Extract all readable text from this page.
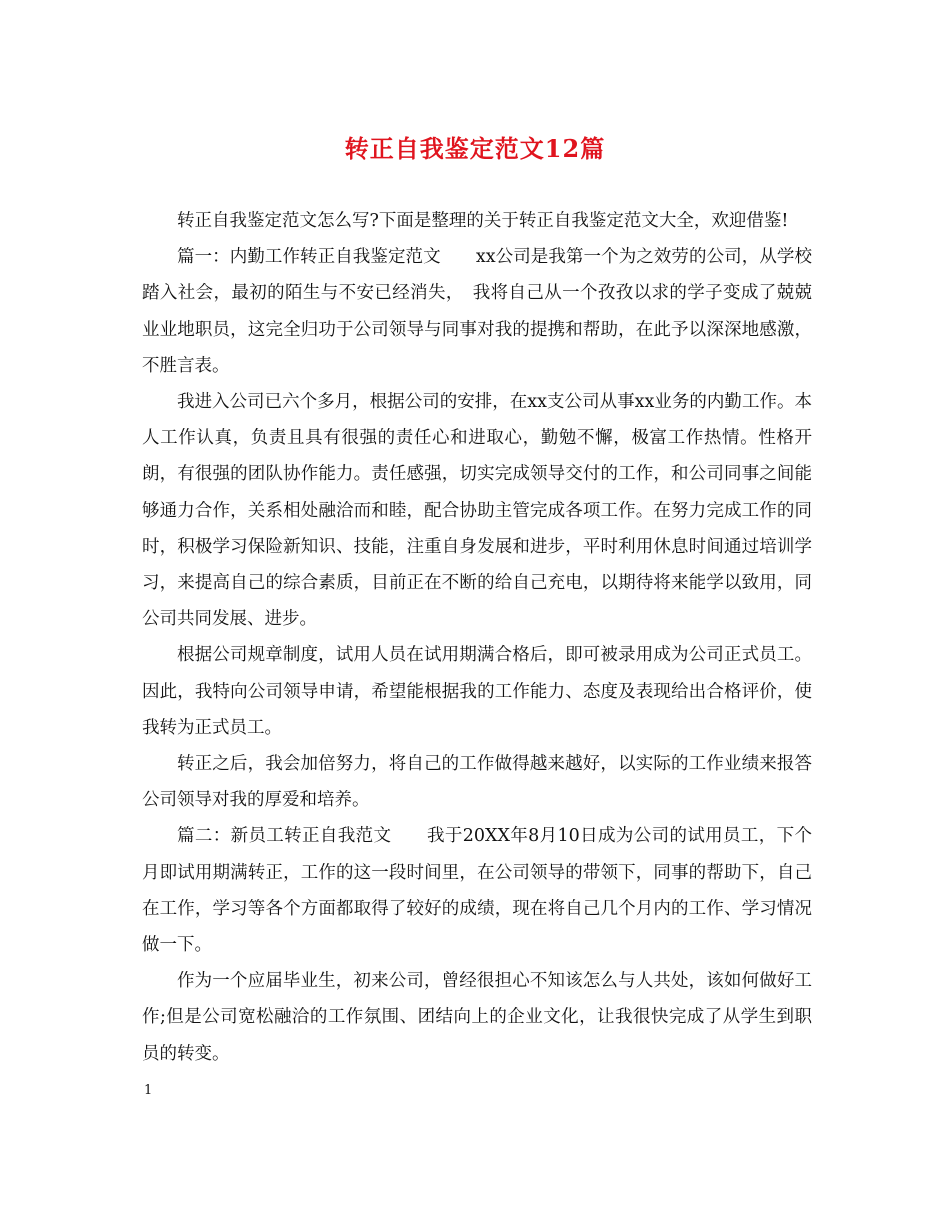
转正自我鉴定范文12篇

转正自我鉴定范文怎么写?下面是整理的关于转正自我鉴定范文大全，欢迎借鉴!

篇一：内勤工作转正自我鉴定范文　　xx公司是我第一个为之效劳的公司，从学校踏入社会，最初的陌生与不安已经消失，　我将自己从一个孜孜以求的学子变成了兢兢业业地职员，这完全归功于公司领导与同事对我的提携和帮助，在此予以深深地感激，不胜言表。

我进入公司已六个多月，根据公司的安排，在xx支公司从事xx业务的内勤工作。本人工作认真，负责且具有很强的责任心和进取心，勤勉不懈，极富工作热情。性格开朗，有很强的团队协作能力。责任感强，切实完成领导交付的工作，和公司同事之间能够通力合作，关系相处融洽而和睦，配合协助主管完成各项工作。在努力完成工作的同时，积极学习保险新知识、技能，注重自身发展和进步，平时利用休息时间通过培训学习，来提高自己的综合素质，目前正在不断的给自己充电，以期待将来能学以致用，同公司共同发展、进步。

根据公司规章制度，试用人员在试用期满合格后，即可被录用成为公司正式员工。因此，我特向公司领导申请，希望能根据我的工作能力、态度及表现给出合格评价，使我转为正式员工。

转正之后，我会加倍努力，将自己的工作做得越来越好，以实际的工作业绩来报答公司领导对我的厚爱和培养。

篇二：新员工转正自我范文　　我于20XX年8月10日成为公司的试用员工，下个月即试用期满转正，工作的这一段时间里，在公司领导的带领下，同事的帮助下，自己在工作，学习等各个方面都取得了较好的成绩，现在将自己几个月内的工作、学习情况做一下。

作为一个应届毕业生，初来公司，曾经很担心不知该怎么与人共处，该如何做好工作;但是公司宽松融洽的工作氛围、团结向上的企业文化，让我很快完成了从学生到职员的转变。

1
